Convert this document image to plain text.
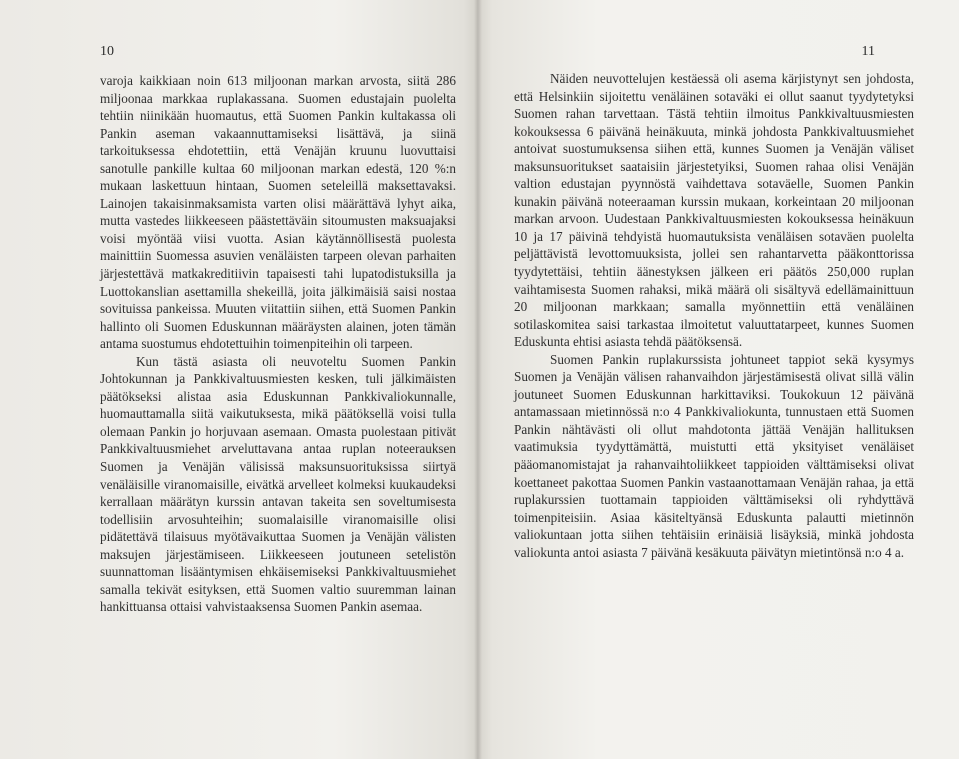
10

varoja kaikkiaan noin 613 miljoonan markan arvosta, siitä 286 miljoonaa markkaa ruplakassana. Suomen edustajain puolelta tehtiin niinikään huomautus, että Suomen Pankin kultakassa oli Pankin aseman vakaannuttamiseksi lisättävä, ja siinä tarkoituksessa ehdotettiin, että Venäjän kruunu luovuttaisi sanotulle pankille kultaa 60 miljoonan markan edestä, 120 %:n mukaan laskettuun hintaan, Suomen seteleillä maksettavaksi. Lainojen takaisinmaksamista varten olisi määrättävä lyhyt aika, mutta vastedes liikkeeseen päästettäväin sitoumusten maksuajaksi voisi myöntää viisi vuotta. Asian käytännöllisestä puolesta mainittiin Suomessa asuvien venäläisten tarpeen olevan parhaiten järjestettävä matkakreditiivin tapaisesti tahi lupatodistuksilla ja Luottokanslian asettamilla shekeillä, joita jälkimäisiä saisi nostaa sovituissa pankeissa. Muuten viitattiin siihen, että Suomen Pankin hallinto oli Suomen Eduskunnan määräysten alainen, joten tämän antama suostumus ehdotettuihin toimenpiteihin oli tarpeen.

Kun tästä asiasta oli neuvoteltu Suomen Pankin Johtokunnan ja Pankkivaltuusmiesten kesken, tuli jälkimäisten päätökseksi alistaa asia Eduskunnan Pankkivaliokunnalle, huomauttamalla siitä vaikutuksesta, mikä päätöksellä voisi tulla olemaan Pankin jo horjuvaan asemaan. Omasta puolestaan pitivät Pankkivaltuusmiehet arveluttavana antaa ruplan noteerauksen Suomen ja Venäjän välisissä maksunsuorituksissa siirtyä venäläisille viranomaisille, eivätkä arvelleet kolmeksi kuukaudeksi kerrallaan määrätyn kurssin antavan takeita sen soveltumisesta todellisiin arvosuhteihin; suomalaisille viranomaisille olisi pidätettävä tilaisuus myötävaikuttaa Suomen ja Venäjän välisten maksujen järjestämiseen. Liikkeeseen joutuneen setelistön suunnattoman lisääntymisen ehkäisemiseksi Pankkivaltuusmiehet samalla tekivät esityksen, että Suomen valtio suuremman lainan hankittuansa ottaisi vahvistaaksensa Suomen Pankin asemaa.

11

Näiden neuvottelujen kestäessä oli asema kärjistynyt sen johdosta, että Helsinkiin sijoitettu venäläinen sotaväki ei ollut saanut tyydytetyksi Suomen rahan tarvettaan. Tästä tehtiin ilmoitus Pankkivaltuusmiesten kokouksessa 6 päivänä heinäkuuta, minkä johdosta Pankkivaltuusmiehet antoivat suostumuksensa siihen että, kunnes Suomen ja Venäjän väliset maksunsuoritukset saataisiin järjestetyiksi, Suomen rahaa olisi Venäjän valtion edustajan pyynnöstä vaihdettava sotaväelle, Suomen Pankin kunakin päivänä noteeraaman kurssin mukaan, korkeintaan 20 miljoonan markan arvoon. Uudestaan Pankkivaltuusmiesten kokouksessa heinäkuun 10 ja 17 päivinä tehdyistä huomautuksista venäläisen sotaväen puolelta peljättävistä levottomuuksista, jollei sen rahantarvetta pääkonttorissa tyydytettäisi, tehtiin äänestyksen jälkeen eri päätös 250,000 ruplan vaihtamisesta Suomen rahaksi, mikä määrä oli sisältyvä edellämainittuun 20 miljoonan markkaan; samalla myönnettiin että venäläinen sotilaskomitea saisi tarkastaa ilmoitetut valuuttatarpeet, kunnes Suomen Eduskunta ehtisi asiasta tehdä päätöksensä.

Suomen Pankin ruplakurssista johtuneet tappiot sekä kysymys Suomen ja Venäjän välisen rahanvaihdon järjestämisestä olivat sillä välin joutuneet Suomen Eduskunnan harkittaviksi. Toukokuun 12 päivänä antamassaan mietinnössä n:o 4 Pankkivaliokunta, tunnustaen että Suomen Pankin nähtävästi oli ollut mahdotonta jättää Venäjän hallituksen vaatimuksia tyydyttämättä, muistutti että yksityiset venäläiset pääomanomistajat ja rahanvaihtoliikkeet tappioiden välttämiseksi olivat koettaneet pakottaa Suomen Pankin vastaanottamaan Venäjän rahaa, ja että ruplakurssien tuottamain tappioiden välttämiseksi oli ryhdyttävä toimenpiteisiin. Asiaa käsiteltyänsä Eduskunta palautti mietinnön valiokuntaan jotta siihen tehtäisiin erinäisiä lisäyksiä, minkä johdosta valiokunta antoi asiasta 7 päivänä kesäkuuta päivätyn mietintönsä n:o 4 a.
